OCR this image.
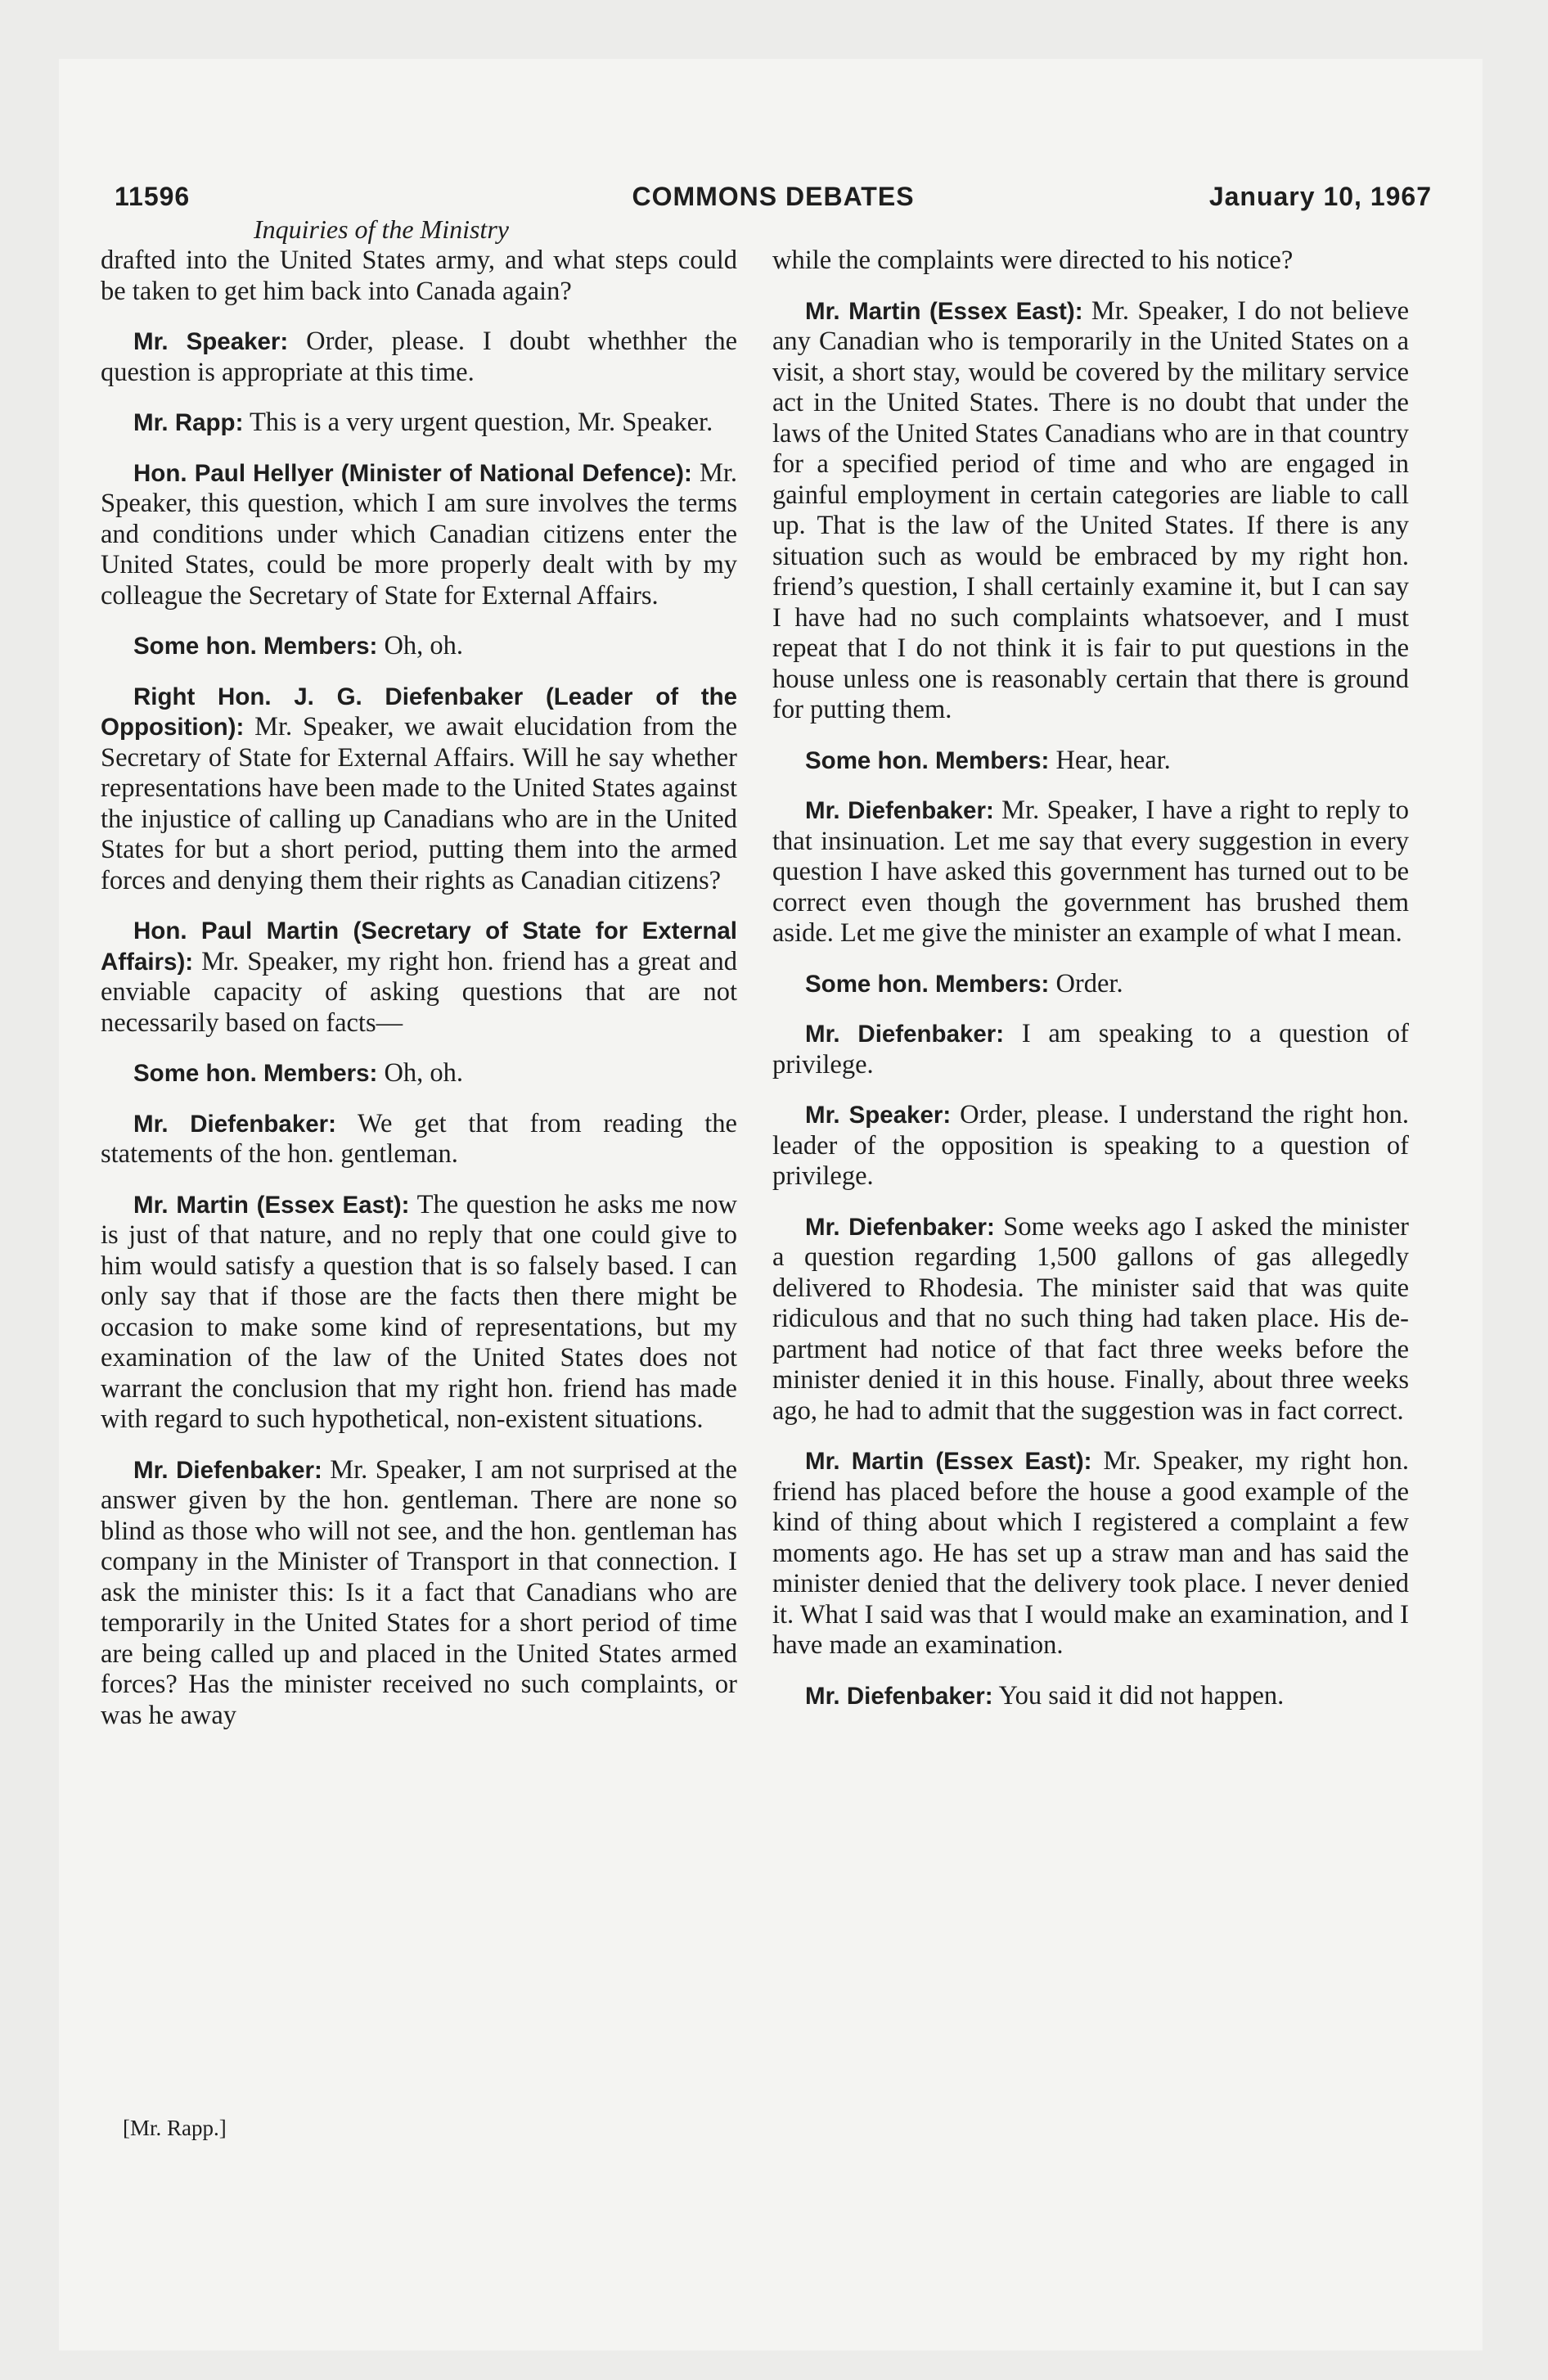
11596	COMMONS DEBATES	January 10, 1967
Inquiries of the Ministry

drafted into the United States army, and what steps could be taken to get him back into Canada again?

Mr. Speaker: Order, please. I doubt whethher the question is appropriate at this time.

Mr. Rapp: This is a very urgent question, Mr. Speaker.

Hon. Paul Hellyer (Minister of National Defence): Mr. Speaker, this question, which I am sure involves the terms and conditions under which Canadian citizens enter the United States, could be more properly dealt with by my colleague the Secretary of State for External Affairs.

Some hon. Members: Oh, oh.

Right Hon. J. G. Diefenbaker (Leader of the Opposition): Mr. Speaker, we await elucidation from the Secretary of State for External Affairs. Will he say whether representations have been made to the United States against the injustice of calling up Canadians who are in the United States for but a short period, putting them into the armed forces and denying them their rights as Canadian citizens?

Hon. Paul Martin (Secretary of State for External Affairs): Mr. Speaker, my right hon. friend has a great and enviable capacity of asking questions that are not necessarily based on facts—

Some hon. Members: Oh, oh.

Mr. Diefenbaker: We get that from reading the statements of the hon. gentleman.

Mr. Martin (Essex East): The question he asks me now is just of that nature, and no reply that one could give to him would satisfy a question that is so falsely based. I can only say that if those are the facts then there might be occasion to make some kind of representations, but my examination of the law of the United States does not warrant the conclusion that my right hon. friend has made with regard to such hypothetical, non-existent situations.

Mr. Diefenbaker: Mr. Speaker, I am not surprised at the answer given by the hon. gentleman. There are none so blind as those who will not see, and the hon. gentleman has company in the Minister of Transport in that connection. I ask the minister this: Is it a fact that Canadians who are temporarily in the United States for a short period of time are being called up and placed in the United States armed forces? Has the minister received no such complaints, or was he away

while the complaints were directed to his notice?

Mr. Martin (Essex East): Mr. Speaker, I do not believe any Canadian who is temporarily in the United States on a visit, a short stay, would be covered by the military service act in the United States. There is no doubt that under the laws of the United States Canadians who are in that country for a specified period of time and who are engaged in gainful employment in certain categories are liable to call up. That is the law of the United States. If there is any situation such as would be embraced by my right hon. friend’s question, I shall certainly examine it, but I can say I have had no such complaints whatsoever, and I must repeat that I do not think it is fair to put questions in the house unless one is reasonably certain that there is ground for putting them.

Some hon. Members: Hear, hear.

Mr. Diefenbaker: Mr. Speaker, I have a right to reply to that insinuation. Let me say that every suggestion in every question I have asked this government has turned out to be correct even though the government has brushed them aside. Let me give the minister an example of what I mean.

Some hon. Members: Order.

Mr. Diefenbaker: I am speaking to a question of privilege.

Mr. Speaker: Order, please. I understand the right hon. leader of the opposition is speaking to a question of privilege.

Mr. Diefenbaker: Some weeks ago I asked the minister a question regarding 1,500 gallons of gas allegedly delivered to Rhodesia. The minister said that was quite ridiculous and that no such thing had taken place. His department had notice of that fact three weeks before the minister denied it in this house. Finally, about three weeks ago, he had to admit that the suggestion was in fact correct.

Mr. Martin (Essex East): Mr. Speaker, my right hon. friend has placed before the house a good example of the kind of thing about which I registered a complaint a few moments ago. He has set up a straw man and has said the minister denied that the delivery took place. I never denied it. What I said was that I would make an examination, and I have made an examination.

Mr. Diefenbaker: You said it did not happen.

[Mr. Rapp.]
